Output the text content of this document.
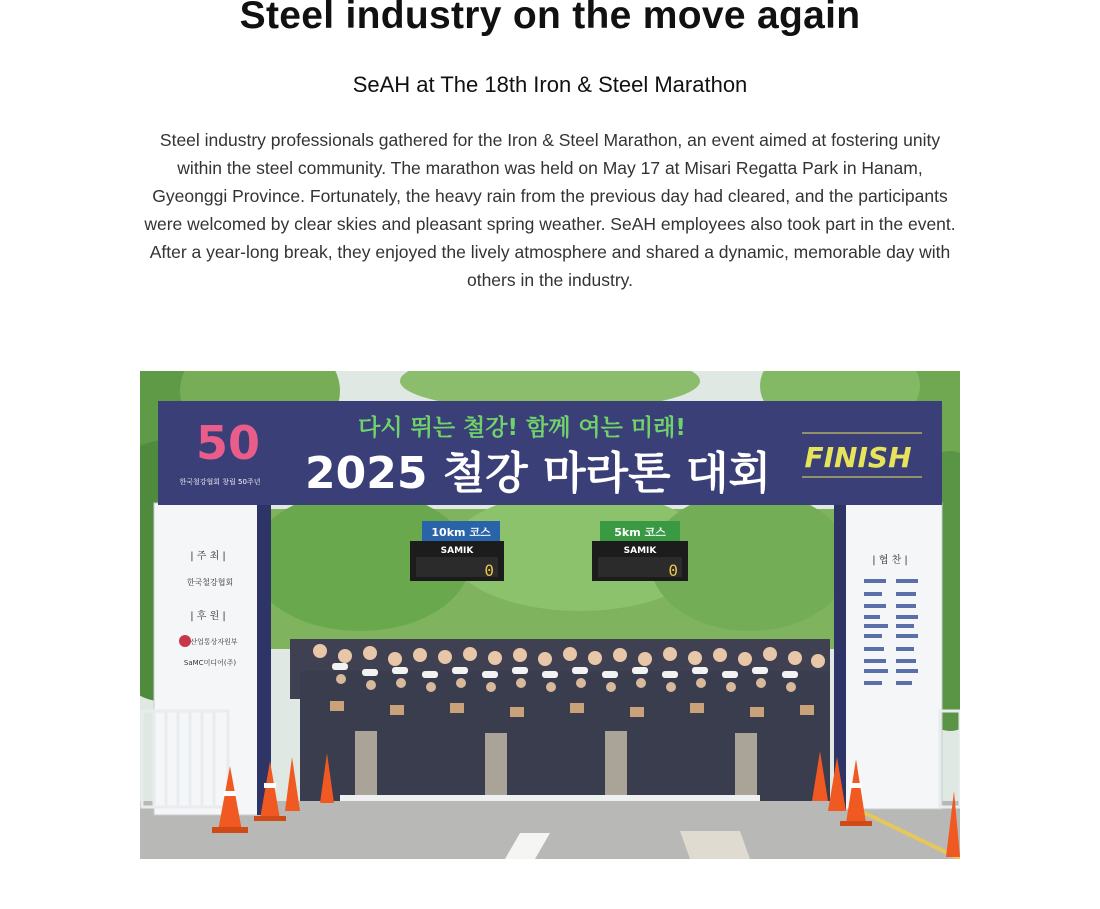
Steel industry on the move again
SeAH at The 18th Iron & Steel Marathon

Steel industry professionals gathered for the Iron & Steel Marathon, an event aimed at fostering unity within the steel community. The marathon was held on May 17 at Misari Regatta Park in Hanam, Gyeonggi Province. Fortunately, the heavy rain from the previous day had cleared, and the participants were welcomed by clear skies and pleasant spring weather. SeAH employees also took part in the event. After a year-long break, they enjoyed the lively atmosphere and shared a dynamic, memorable day with others in the industry.

50
한국철강협회 창립 50주년
다시 뛰는 철강! 함께 여는 미래!
2025 철강 마라톤 대회 FINISH
| 주 최 |
한국철강협회
| 후 원 |
산업통상자원부
SaMC미디어(주)
| 협 찬 |
10km 코스
SAMIK
0
5km 코스
SAMIK
0
